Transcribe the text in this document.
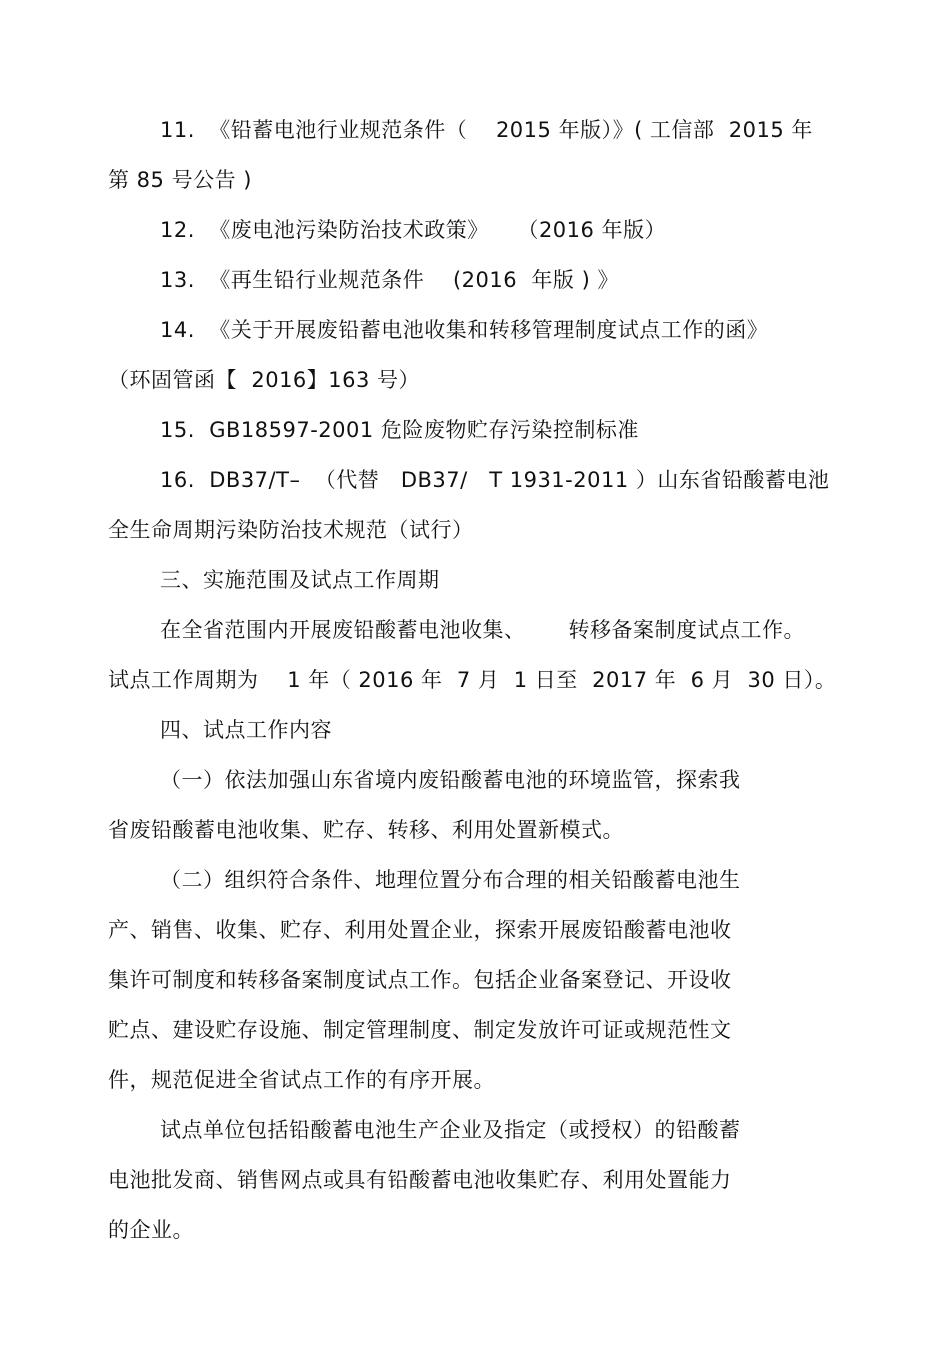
11.  《铅蓄电池行业规范条件（    2015 年版）》( 工信部  2015 年
第 85 号公告 )
12.  《废电池污染防治技术政策》    （2016 年版）
13.  《再生铅行业规范条件    (2016  年版 ) 》
14.  《关于开展废铅蓄电池收集和转移管理制度试点工作的函》
（环固管函【  2016】163 号）
15.  GB18597-2001 危险废物贮存污染控制标准
16.  DB37/T–  （代替   DB37/   T 1931-2011 ）山东省铅酸蓄电池
全生命周期污染防治技术规范（试行）
三、实施范围及试点工作周期
在全省范围内开展废铅酸蓄电池收集、      转移备案制度试点工作。
试点工作周期为    1 年（ 2016 年  7 月  1 日至  2017 年  6 月  30 日）。
四、试点工作内容
（一）依法加强山东省境内废铅酸蓄电池的环境监管，探索我
省废铅酸蓄电池收集、贮存、转移、利用处置新模式。
（二）组织符合条件、地理位置分布合理的相关铅酸蓄电池生
产、销售、收集、贮存、利用处置企业，探索开展废铅酸蓄电池收
集许可制度和转移备案制度试点工作。包括企业备案登记、开设收
贮点、建设贮存设施、制定管理制度、制定发放许可证或规范性文
件，规范促进全省试点工作的有序开展。
试点单位包括铅酸蓄电池生产企业及指定（或授权）的铅酸蓄
电池批发商、销售网点或具有铅酸蓄电池收集贮存、利用处置能力
的企业。
